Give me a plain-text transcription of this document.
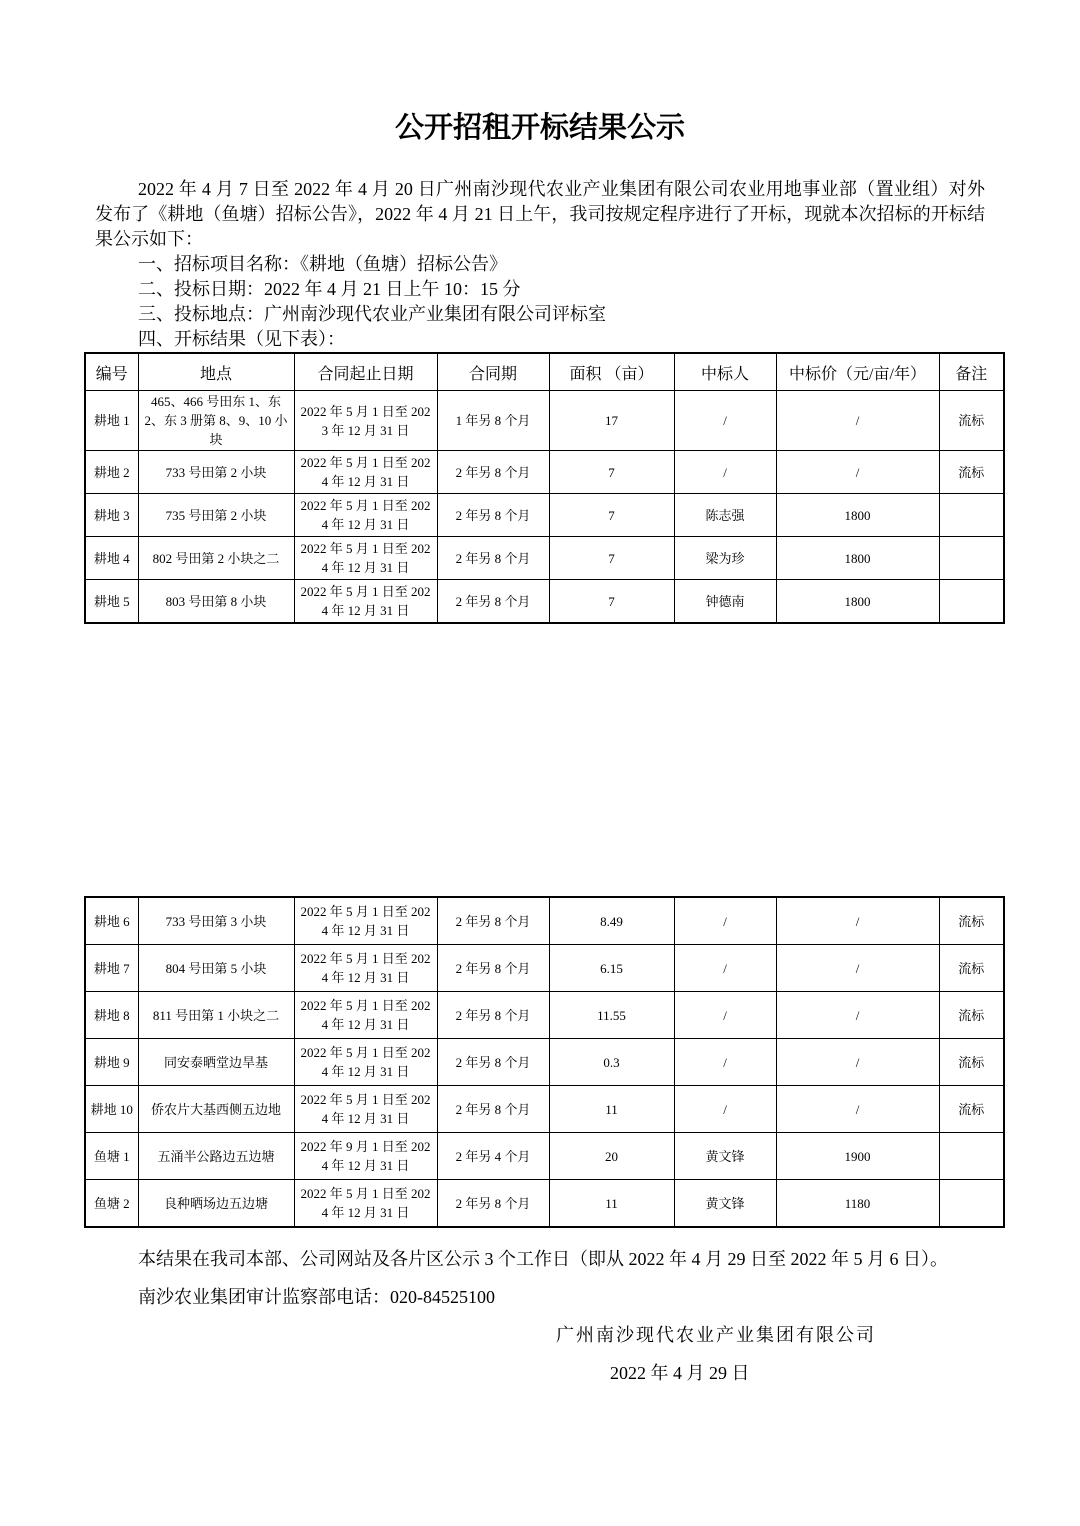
公开招租开标结果公示

2022 年 4 月 7 日至 2022 年 4 月 20 日广州南沙现代农业产业集团有限公司农业用地事业部（置业组）对外发布了《耕地（鱼塘）招标公告》，2022 年 4 月 21 日上午，我司按规定程序进行了开标，现就本次招标的开标结果公示如下：

一、招标项目名称：《耕地（鱼塘）招标公告》

二、投标日期：2022 年 4 月 21 日上午 10：15 分

三、投标地点：广州南沙现代农业产业集团有限公司评标室

四、开标结果（见下表）：

编号	地点	合同起止日期	合同期	面积 （亩）	中标人	中标价（元/亩/年）	备注
耕地 1	465、466 号田东 1、东 2、东 3 册第 8、9、10 小块	2022 年 5 月 1 日至 2023 年 12 月 31 日	1 年另 8 个月	17	/	/	流标
耕地 2	733 号田第 2 小块	2022 年 5 月 1 日至 2024 年 12 月 31 日	2 年另 8 个月	7	/	/	流标
耕地 3	735 号田第 2 小块	2022 年 5 月 1 日至 2024 年 12 月 31 日	2 年另 8 个月	7	陈志强	1800	
耕地 4	802 号田第 2 小块之二	2022 年 5 月 1 日至 2024 年 12 月 31 日	2 年另 8 个月	7	梁为珍	1800	
耕地 5	803 号田第 8 小块	2022 年 5 月 1 日至 2024 年 12 月 31 日	2 年另 8 个月	7	钟德南	1800	
耕地 6	733 号田第 3 小块	2022 年 5 月 1 日至 2024 年 12 月 31 日	2 年另 8 个月	8.49	/	/	流标
耕地 7	804 号田第 5 小块	2022 年 5 月 1 日至 2024 年 12 月 31 日	2 年另 8 个月	6.15	/	/	流标
耕地 8	811 号田第 1 小块之二	2022 年 5 月 1 日至 2024 年 12 月 31 日	2 年另 8 个月	11.55	/	/	流标
耕地 9	同安泰晒堂边旱基	2022 年 5 月 1 日至 2024 年 12 月 31 日	2 年另 8 个月	0.3	/	/	流标
耕地 10	侨农片大基西侧五边地	2022 年 5 月 1 日至 2024 年 12 月 31 日	2 年另 8 个月	11	/	/	流标
鱼塘 1	五涌半公路边五边塘	2022 年 9 月 1 日至 2024 年 12 月 31 日	2 年另 4 个月	20	黄文锋	1900	
鱼塘 2	良种晒场边五边塘	2022 年 5 月 1 日至 2024 年 12 月 31 日	2 年另 8 个月	11	黄文锋	1180	

本结果在我司本部、公司网站及各片区公示 3 个工作日（即从 2022 年 4 月 29 日至 2022 年 5 月 6 日）。

南沙农业集团审计监察部电话：020-84525100

广州南沙现代农业产业集团有限公司

2022 年 4 月 29 日
